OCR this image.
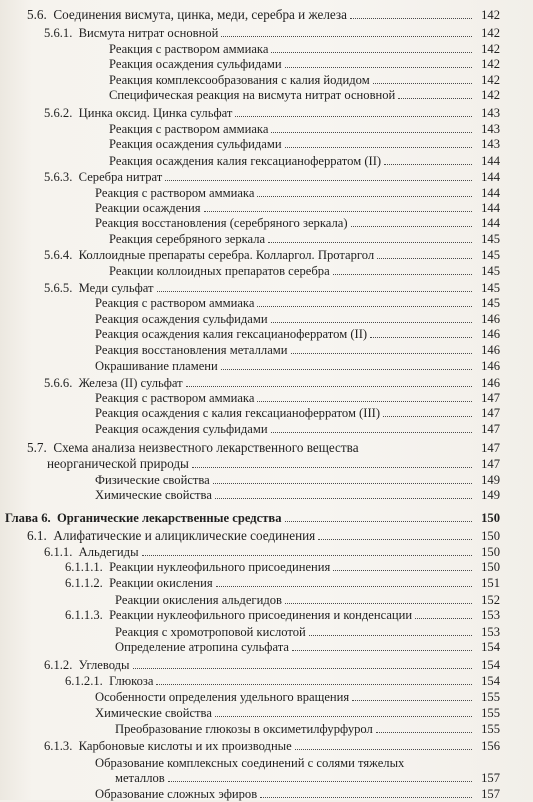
5.6. Соединения висмута, цинка, меди, серебра и железа	142
5.6.1. Висмута нитрат основной	142
Реакция с раствором аммиака	142
Реакция осаждения сульфидами	142
Реакция комплексообразования с калия йодидом	142
Специфическая реакция на висмута нитрат основной	142
5.6.2. Цинка оксид. Цинка сульфат	143
Реакция с раствором аммиака	143
Реакция осаждения сульфидами	143
Реакция осаждения калия гексацианоферратом (II)	144
5.6.3. Серебра нитрат	144
Реакция с раствором аммиака	144
Реакции осаждения	144
Реакция восстановления (серебряного зеркала)	144
Реакция серебряного зеркала	145
5.6.4. Коллоидные препараты серебра. Колларгол. Протаргол	145
Реакции коллоидных препаратов серебра	145
5.6.5. Меди сульфат	145
Реакция с раствором аммиака	145
Реакция осаждения сульфидами	146
Реакция осаждения калия гексацианоферратом (II)	146
Реакция восстановления металлами	146
Окрашивание пламени	146
5.6.6. Железа (II) сульфат	146
Реакция с раствором аммиака	147
Реакция осаждения с калия гексацианоферратом (III)	147
Реакция осаждения сульфидами	147
5.7. Схема анализа неизвестного лекарственного вещества	147
неорганической природы	147
Физические свойства	149
Химические свойства	149
Глава 6. Органические лекарственные средства	150
6.1. Алифатические и алициклические соединения	150
6.1.1. Альдегиды	150
6.1.1.1. Реакции нуклеофильного присоединения	150
6.1.1.2. Реакции окисления	151
Реакции окисления альдегидов	152
6.1.1.3. Реакции нуклеофильного присоединения и конденсации	153
Реакция с хромотроповой кислотой	153
Определение атропина сульфата	154
6.1.2. Углеводы	154
6.1.2.1. Глюкоза	154
Особенности определения удельного вращения	155
Химические свойства	155
Преобразование глюкозы в оксиметилфурфурол	155
6.1.3. Карбоновые кислоты и их производные	156
Образование комплексных соединений с солями тяжелых
металлов	157
Образование сложных эфиров	157
